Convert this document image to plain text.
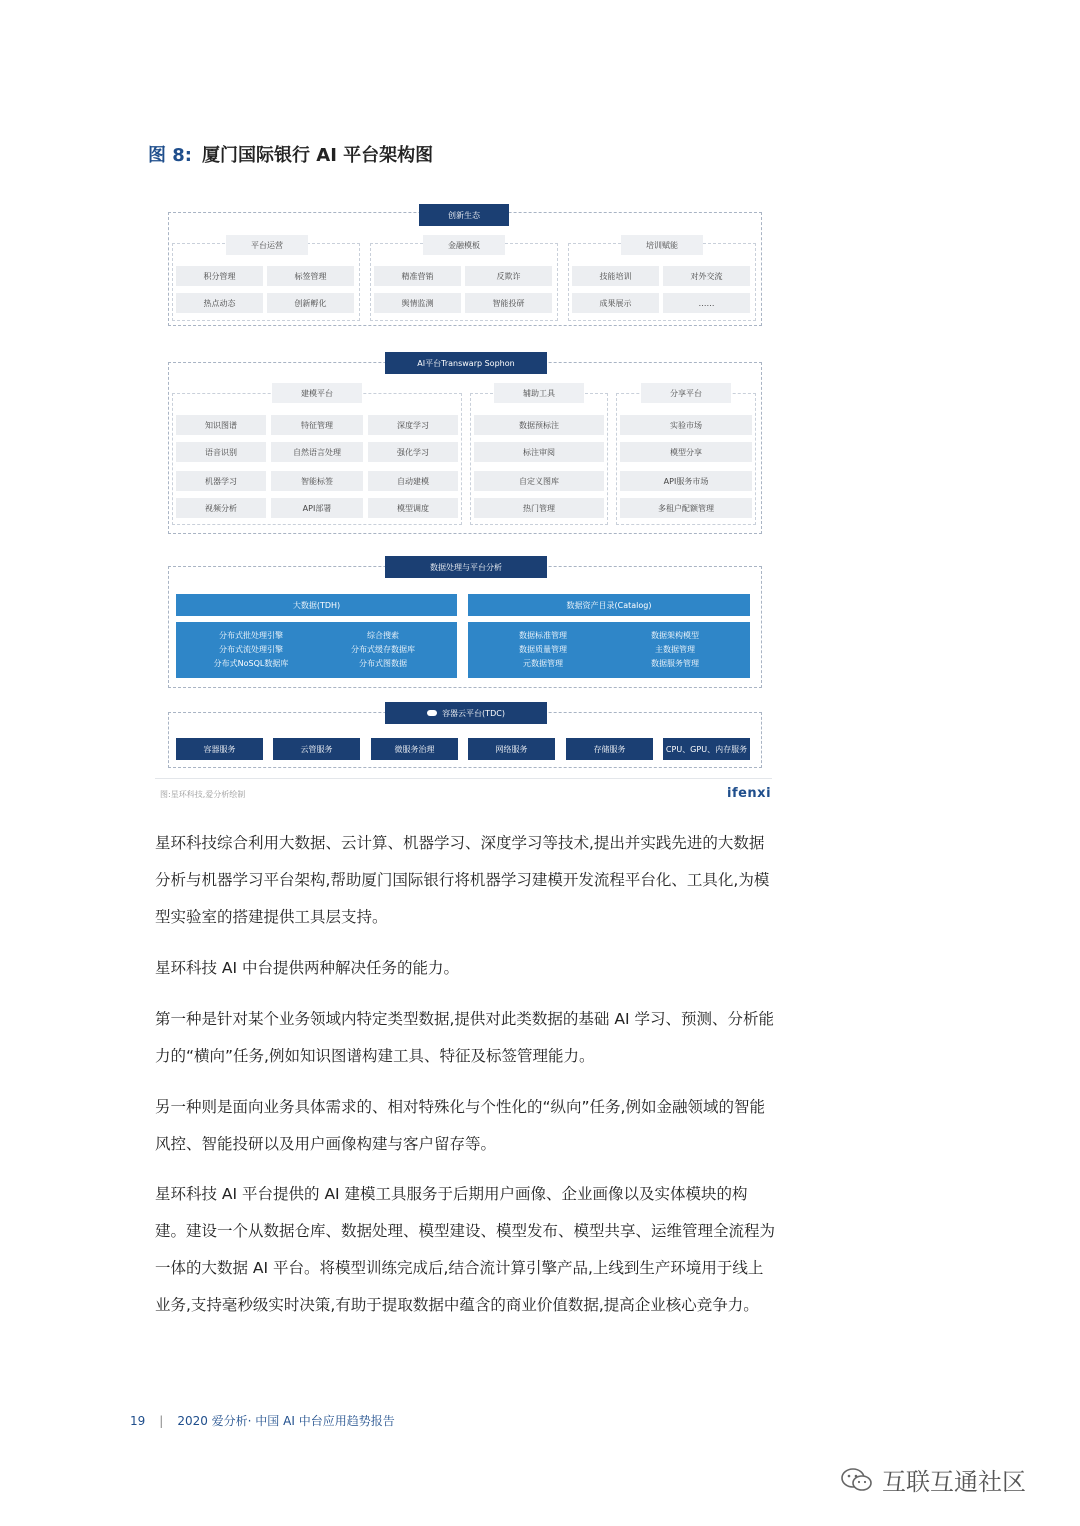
图 8: 厦门国际银行 AI 平台架构图
创新生态
平台运营
积分管理	标签管理
热点动态	创新孵化
金融模板
精准营销	反欺诈
舆情监测	智能投研
培训赋能
技能培训	对外交流
成果展示	……
AI平台Transwarp Sophon
建模平台
知识图谱	特征管理	深度学习
语音识别	自然语言处理	强化学习
机器学习	智能标签	自动建模
视频分析	API部署	模型调度
辅助工具
数据预标注
标注审阅
自定义图库
热门管理
分享平台
实验市场
模型分享
API服务市场
多租户配额管理
数据处理与平台分析
大数据(TDH)
分布式批处理引擎
分布式流处理引擎
分布式NoSQL数据库
综合搜索
分布式缓存数据库
分布式图数据
数据资产目录(Catalog)
数据标准管理
数据质量管理
元数据管理
数据架构模型
主数据管理
数据服务管理
容器云平台(TDC)
容器服务	云管服务	微服务治理	网络服务	存储服务	CPU、GPU、内存服务
图:星环科技,爱分析绘制	ifenxi
星环科技综合利用大数据、云计算、机器学习、深度学习等技术,提出并实践先进的大数据分析与机器学习平台架构,帮助厦门国际银行将机器学习建模开发流程平台化、工具化,为模型实验室的搭建提供工具层支持。
星环科技 AI 中台提供两种解决任务的能力。
第一种是针对某个业务领域内特定类型数据,提供对此类数据的基础 AI 学习、预测、分析能力的“横向”任务,例如知识图谱构建工具、特征及标签管理能力。
另一种则是面向业务具体需求的、相对特殊化与个性化的“纵向”任务,例如金融领域的智能风控、智能投研以及用户画像构建与客户留存等。
星环科技 AI 平台提供的 AI 建模工具服务于后期用户画像、企业画像以及实体模块的构建。建设一个从数据仓库、数据处理、模型建设、模型发布、模型共享、运维管理全流程为一体的大数据 AI 平台。将模型训练完成后,结合流计算引擎产品,上线到生产环境用于线上业务,支持毫秒级实时决策,有助于提取数据中蕴含的商业价值数据,提高企业核心竞争力。
19 | 2020 爱分析· 中国 AI 中台应用趋势报告
互联互通社区
